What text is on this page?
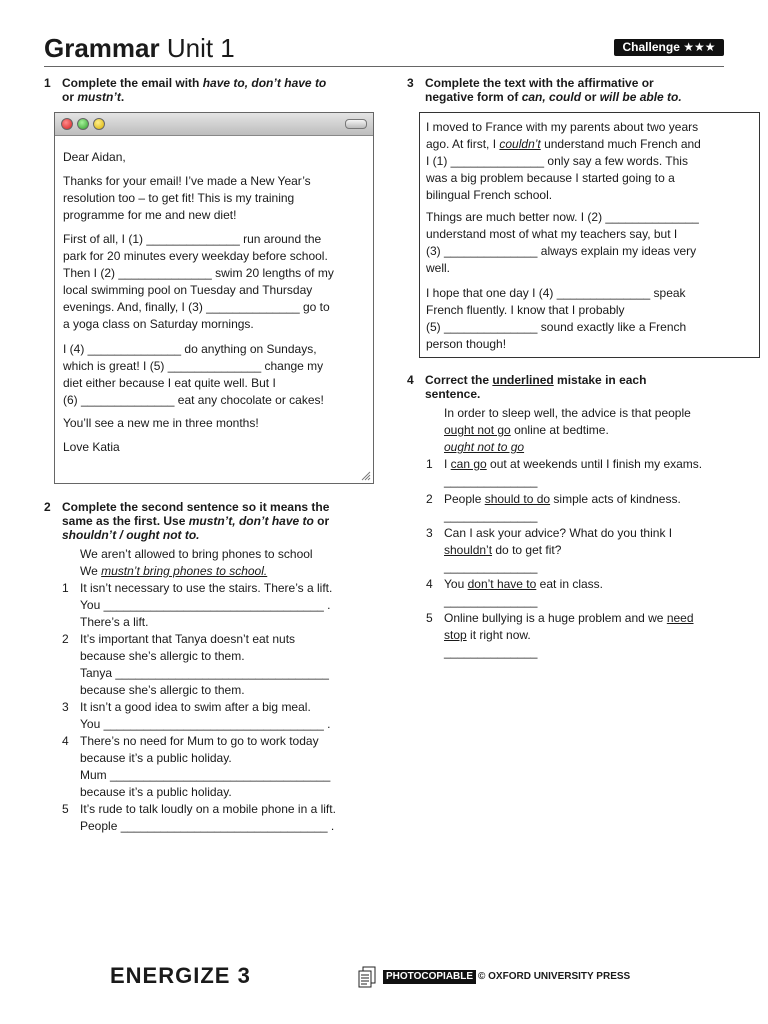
Grammar Unit 1	Challenge ★★★
1 Complete the email with have to, don’t have to
or mustn’t.
Dear Aidan,
Thanks for your email! I’ve made a New Year’s
resolution too – to get fit! This is my training
programme for me and new diet!
First of all, I (1) ______________ run around the
park for 20 minutes every weekday before school.
Then I (2) ______________ swim 20 lengths of my
local swimming pool on Tuesday and Thursday
evenings. And, finally, I (3) ______________ go to
a yoga class on Saturday mornings.
I (4) ______________ do anything on Sundays,
which is great! I (5) ______________ change my
diet either because I eat quite well. But I
(6) ______________ eat any chocolate or cakes!
You’ll see a new me in three months!
Love Katia
2 Complete the second sentence so it means the
same as the first. Use mustn’t, don’t have to or
shouldn’t / ought not to.
We aren’t allowed to bring phones to school
We mustn’t bring phones to school.
1 It isn’t necessary to use the stairs. There’s a lift.
You _________________________________ .
There’s a lift.
2 It’s important that Tanya doesn’t eat nuts
because she’s allergic to them.
Tanya ________________________________
because she’s allergic to them.
3 It isn’t a good idea to swim after a big meal.
You _________________________________ .
4 There’s no need for Mum to go to work today
because it’s a public holiday.
Mum _________________________________
because it’s a public holiday.
5 It’s rude to talk loudly on a mobile phone in a lift.
People _______________________________ .
3 Complete the text with the affirmative or
negative form of can, could or will be able to.
I moved to France with my parents about two years
ago. At first, I couldn’t understand much French and
I (1) ______________ only say a few words. This
was a big problem because I started going to a
bilingual French school.
Things are much better now. I (2) ______________
understand most of what my teachers say, but I
(3) ______________ always explain my ideas very
well.
I hope that one day I (4) ______________ speak
French fluently. I know that I probably
(5) ______________ sound exactly like a French
person though!
4 Correct the underlined mistake in each
sentence.
In order to sleep well, the advice is that people
ought not go online at bedtime.
ought not to go
1 I can go out at weekends until I finish my exams.
______________
2 People should to do simple acts of kindness.
______________
3 Can I ask your advice? What do you think I
shouldn’t do to get fit?
______________
4 You don’t have to eat in class.
______________
5 Online bullying is a huge problem and we need
stop it right now.
______________
ENERGIZE 3	PHOTOCOPIABLE © OXFORD UNIVERSITY PRESS
